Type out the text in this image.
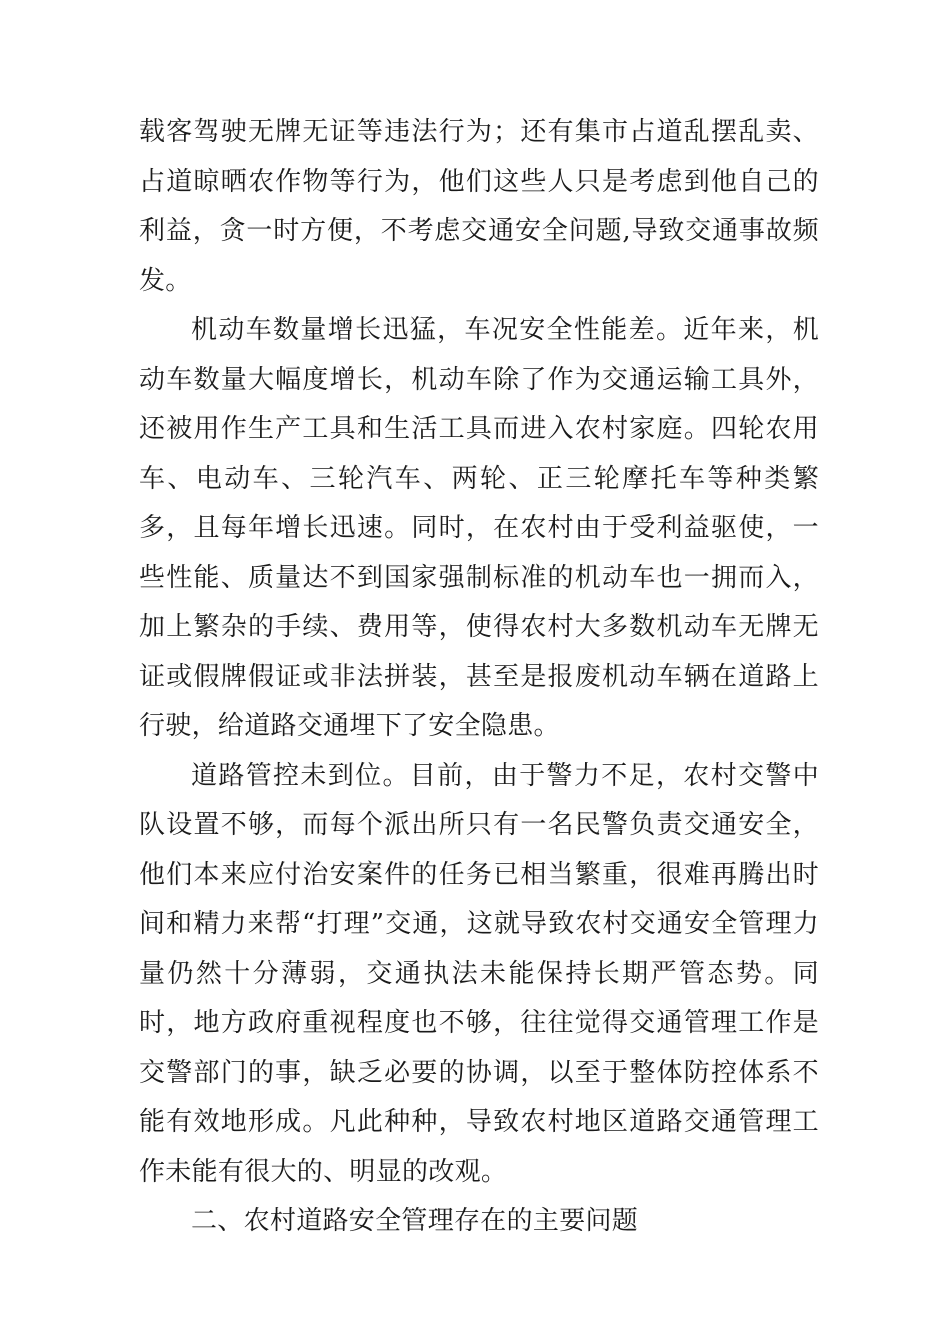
载客驾驶无牌无证等违法行为；还有集市占道乱摆乱卖、占道晾晒农作物等行为，他们这些人只是考虑到他自己的利益，贪一时方便，不考虑交通安全问题,导致交通事故频发。

机动车数量增长迅猛，车况安全性能差。近年来，机动车数量大幅度增长，机动车除了作为交通运输工具外，还被用作生产工具和生活工具而进入农村家庭。四轮农用车、电动车、三轮汽车、两轮、正三轮摩托车等种类繁多，且每年增长迅速。同时，在农村由于受利益驱使，一些性能、质量达不到国家强制标准的机动车也一拥而入，加上繁杂的手续、费用等，使得农村大多数机动车无牌无证或假牌假证或非法拼装，甚至是报废机动车辆在道路上行驶，给道路交通埋下了安全隐患。

道路管控未到位。目前，由于警力不足，农村交警中队设置不够，而每个派出所只有一名民警负责交通安全，他们本来应付治安案件的任务已相当繁重，很难再腾出时间和精力来帮“打理”交通，这就导致农村交通安全管理力量仍然十分薄弱，交通执法未能保持长期严管态势。同时，地方政府重视程度也不够，往往觉得交通管理工作是交警部门的事，缺乏必要的协调，以至于整体防控体系不能有效地形成。凡此种种，导致农村地区道路交通管理工作未能有很大的、明显的改观。

二、农村道路安全管理存在的主要问题
